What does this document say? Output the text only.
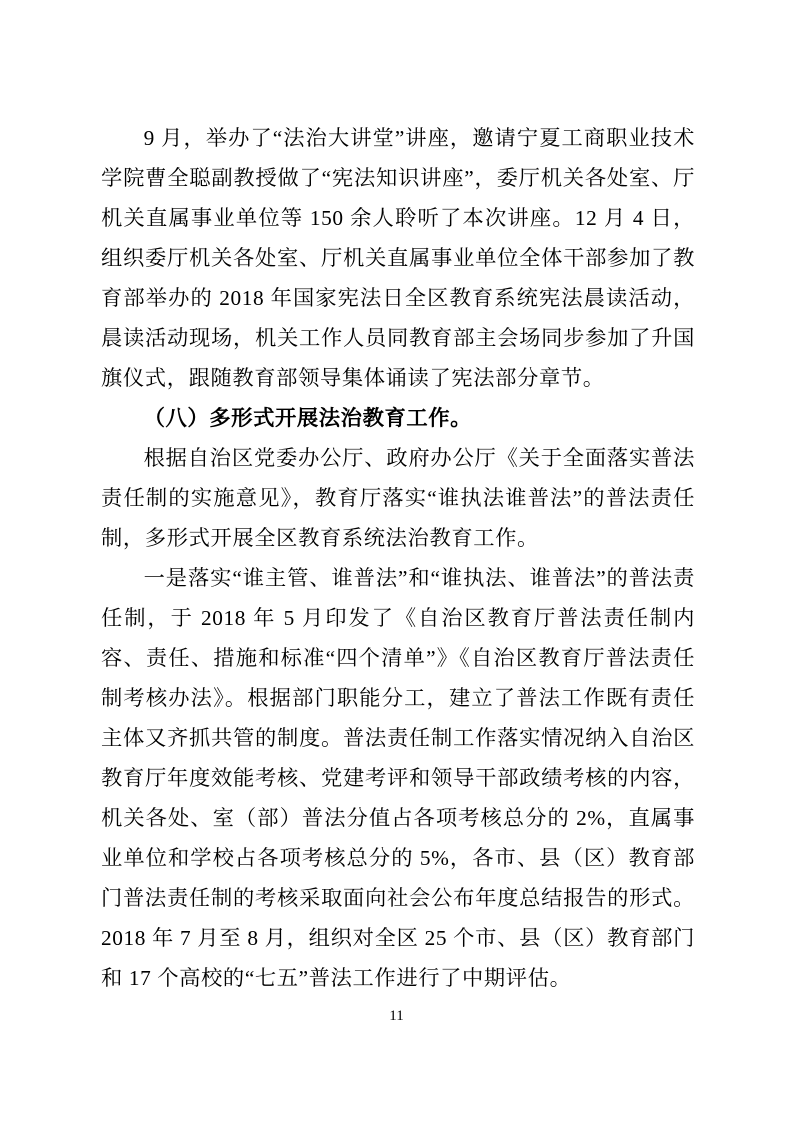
9 月，举办了“法治大讲堂”讲座，邀请宁夏工商职业技术学院曹全聪副教授做了“宪法知识讲座”，委厅机关各处室、厅机关直属事业单位等 150 余人聆听了本次讲座。12 月 4 日，组织委厅机关各处室、厅机关直属事业单位全体干部参加了教育部举办的 2018 年国家宪法日全区教育系统宪法晨读活动，晨读活动现场，机关工作人员同教育部主会场同步参加了升国旗仪式，跟随教育部领导集体诵读了宪法部分章节。

（八）多形式开展法治教育工作。

根据自治区党委办公厅、政府办公厅《关于全面落实普法责任制的实施意见》，教育厅落实“谁执法谁普法”的普法责任制，多形式开展全区教育系统法治教育工作。

一是落实“谁主管、谁普法”和“谁执法、谁普法”的普法责任制，于 2018 年 5 月印发了《自治区教育厅普法责任制内容、责任、措施和标准“四个清单”》《自治区教育厅普法责任制考核办法》。根据部门职能分工，建立了普法工作既有责任主体又齐抓共管的制度。普法责任制工作落实情况纳入自治区教育厅年度效能考核、党建考评和领导干部政绩考核的内容，机关各处、室（部）普法分值占各项考核总分的 2%，直属事业单位和学校占各项考核总分的 5%，各市、县（区）教育部门普法责任制的考核采取面向社会公布年度总结报告的形式。2018 年 7 月至 8 月，组织对全区 25 个市、县（区）教育部门和 17 个高校的“七五”普法工作进行了中期评估。

11
